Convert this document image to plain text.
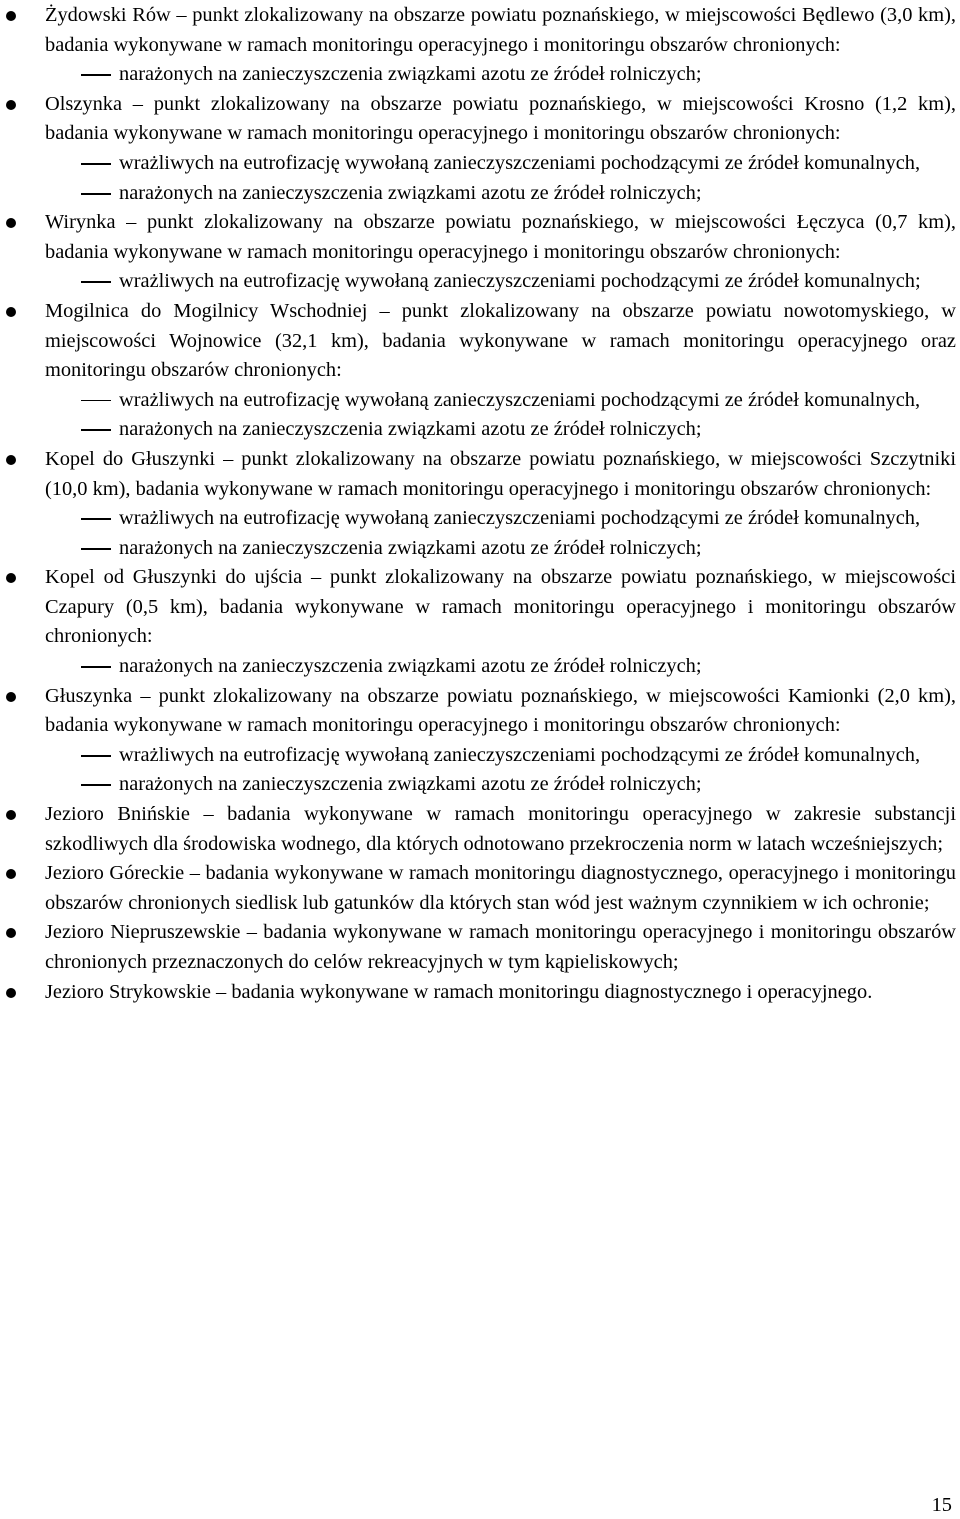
Żydowski Rów – punkt zlokalizowany na obszarze powiatu poznańskiego, w miejscowości Będlewo (3,0 km), badania wykonywane w ramach monitoringu operacyjnego i monitoringu obszarów chronionych:
narażonych na zanieczyszczenia związkami azotu ze źródeł rolniczych;
Olszynka – punkt zlokalizowany na obszarze powiatu poznańskiego, w miejscowości Krosno (1,2 km), badania wykonywane w ramach monitoringu operacyjnego i monitoringu obszarów chronionych:
wrażliwych na eutrofizację wywołaną zanieczyszczeniami pochodzącymi ze źródeł komunalnych,
narażonych na zanieczyszczenia związkami azotu ze źródeł rolniczych;
Wirynka – punkt zlokalizowany na obszarze powiatu poznańskiego, w miejscowości Łęczyca (0,7 km), badania wykonywane w ramach monitoringu operacyjnego i monitoringu obszarów chronionych:
wrażliwych na eutrofizację wywołaną zanieczyszczeniami pochodzącymi ze źródeł komunalnych;
Mogilnica do Mogilnicy Wschodniej – punkt zlokalizowany na obszarze powiatu nowotomyskiego, w miejscowości Wojnowice (32,1 km), badania wykonywane w ramach monitoringu operacyjnego oraz monitoringu obszarów chronionych:
wrażliwych na eutrofizację wywołaną zanieczyszczeniami pochodzącymi ze źródeł komunalnych,
narażonych na zanieczyszczenia związkami azotu ze źródeł rolniczych;
Kopel do Głuszynki – punkt zlokalizowany na obszarze powiatu poznańskiego, w miejscowości Szczytniki (10,0 km), badania wykonywane w ramach monitoringu operacyjnego i monitoringu obszarów chronionych:
wrażliwych na eutrofizację wywołaną zanieczyszczeniami pochodzącymi ze źródeł komunalnych,
narażonych na zanieczyszczenia związkami azotu ze źródeł rolniczych;
Kopel od Głuszynki do ujścia – punkt zlokalizowany na obszarze powiatu poznańskiego, w miejscowości Czapury (0,5 km), badania wykonywane w ramach monitoringu operacyjnego i monitoringu obszarów chronionych:
narażonych na zanieczyszczenia związkami azotu ze źródeł rolniczych;
Głuszynka – punkt zlokalizowany na obszarze powiatu poznańskiego, w miejscowości Kamionki (2,0 km), badania wykonywane w ramach monitoringu operacyjnego i monitoringu obszarów chronionych:
wrażliwych na eutrofizację wywołaną zanieczyszczeniami pochodzącymi ze źródeł komunalnych,
narażonych na zanieczyszczenia związkami azotu ze źródeł rolniczych;
Jezioro Bnińskie – badania wykonywane w ramach monitoringu operacyjnego w zakresie substancji szkodliwych dla środowiska wodnego, dla których odnotowano przekroczenia norm w latach wcześniejszych;
Jezioro Góreckie – badania wykonywane w ramach monitoringu diagnostycznego, operacyjnego i monitoringu obszarów chronionych siedlisk lub gatunków dla których stan wód jest ważnym czynnikiem w ich ochronie;
Jezioro Niepruszewskie – badania wykonywane w ramach monitoringu operacyjnego i monitoringu obszarów chronionych przeznaczonych do celów rekreacyjnych w tym kąpieliskowych;
Jezioro Strykowskie – badania wykonywane w ramach monitoringu diagnostycznego i operacyjnego.
15
